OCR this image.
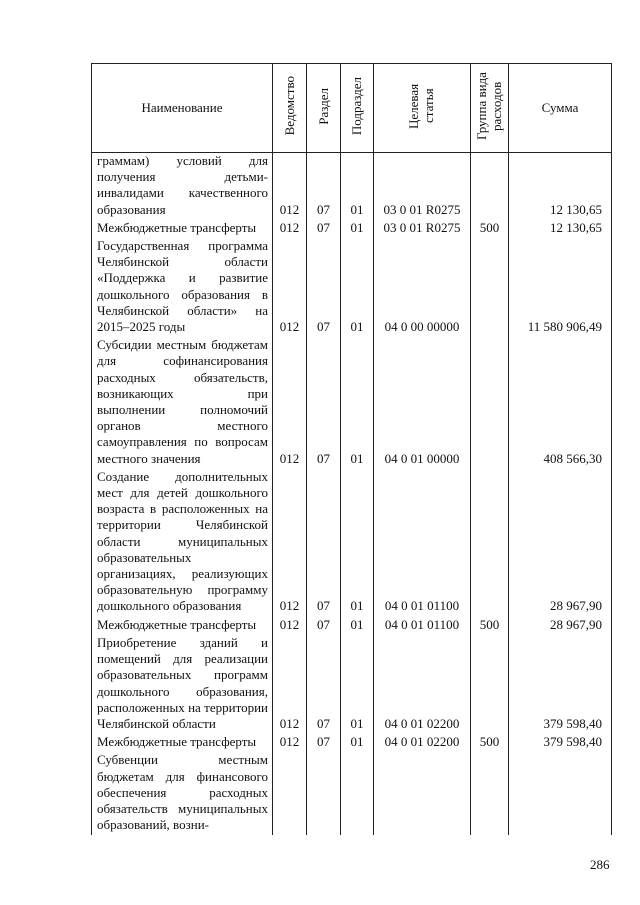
Наименование	Ведомство	Раздел	Подраздел	Целевая статья	Группа вида расходов	Сумма
граммам) условий для получения детьми-инвалидами качественного образования	012	07	01	03 0 01 R0275		12 130,65
Межбюджетные трансферты	012	07	01	03 0 01 R0275	500	12 130,65
Государственная программа Челябинской области «Поддержка и развитие дошкольного образования в Челябинской области» на 2015–2025 годы	012	07	01	04 0 00 00000		11 580 906,49
Субсидии местным бюджетам для софинансирования расходных обязательств, возникающих при выполнении полномочий органов местного самоуправления по вопросам местного значения	012	07	01	04 0 01 00000		408 566,30
Создание дополнительных мест для детей дошкольного возраста в расположенных на территории Челябинской области муниципальных образовательных организациях, реализующих образовательную программу дошкольного образования	012	07	01	04 0 01 01100		28 967,90
Межбюджетные трансферты	012	07	01	04 0 01 01100	500	28 967,90
Приобретение зданий и помещений для реализации образовательных программ дошкольного образования, расположенных на территории Челябинской области	012	07	01	04 0 01 02200		379 598,40
Межбюджетные трансферты	012	07	01	04 0 01 02200	500	379 598,40
Субвенции местным бюджетам для финансового обеспечения расходных обязательств муниципальных образований, возни-						
286
